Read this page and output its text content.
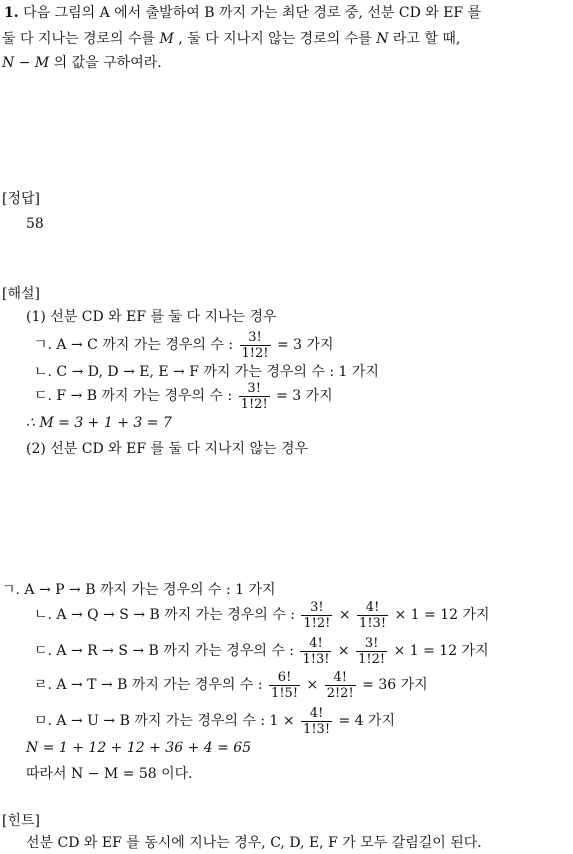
1. 다음 그림의 A 에서 출발하여 B 까지 가는 최단 경로 중, 선분 CD 와 EF 를
둘 다 지나는 경로의 수를 M , 둘 다 지나지 않는 경로의 수를 N 라고 할 때,
N − M 의 값을 구하여라.
[정답]
58
[해설]
(1) 선분 CD 와 EF 를 둘 다 지나는 경우
ㄱ. A → C 까지 가는 경우의 수 : $\frac{3!}{1!2!} = 3$ 가지
ㄴ. C → D, D → E, E → F 까지 가는 경우의 수 : 1 가지
ㄷ. F → B 까지 가는 경우의 수 : $\frac{3!}{1!2!} = 3$ 가지
∴ M = 3 + 1 + 3 = 7
(2) 선분 CD 와 EF 를 둘 다 지나지 않는 경우
ㄱ. A → P → B 까지 가는 경우의 수 : 1 가지
ㄴ. A → Q → S → B 까지 가는 경우의 수 : $\frac{3!}{1!2!} \times \frac{4!}{1!3!} \times 1 = 12$ 가지
ㄷ. A → R → S → B 까지 가는 경우의 수 : $\frac{4!}{1!3!} \times \frac{3!}{1!2!} \times 1 = 12$ 가지
ㄹ. A → T → B 까지 가는 경우의 수 : $\frac{6!}{1!5!} \times \frac{4!}{2!2!} = 36$ 가지
ㅁ. A → U → B 까지 가는 경우의 수 : $1 \times \frac{4!}{1!3!} = 4$ 가지
N = 1 + 12 + 12 + 36 + 4 = 65
따라서 N − M = 58 이다.
[힌트]
선분 CD 와 EF 를 동시에 지나는 경우, C, D, E, F 가 모두 갈림길이 된다.
